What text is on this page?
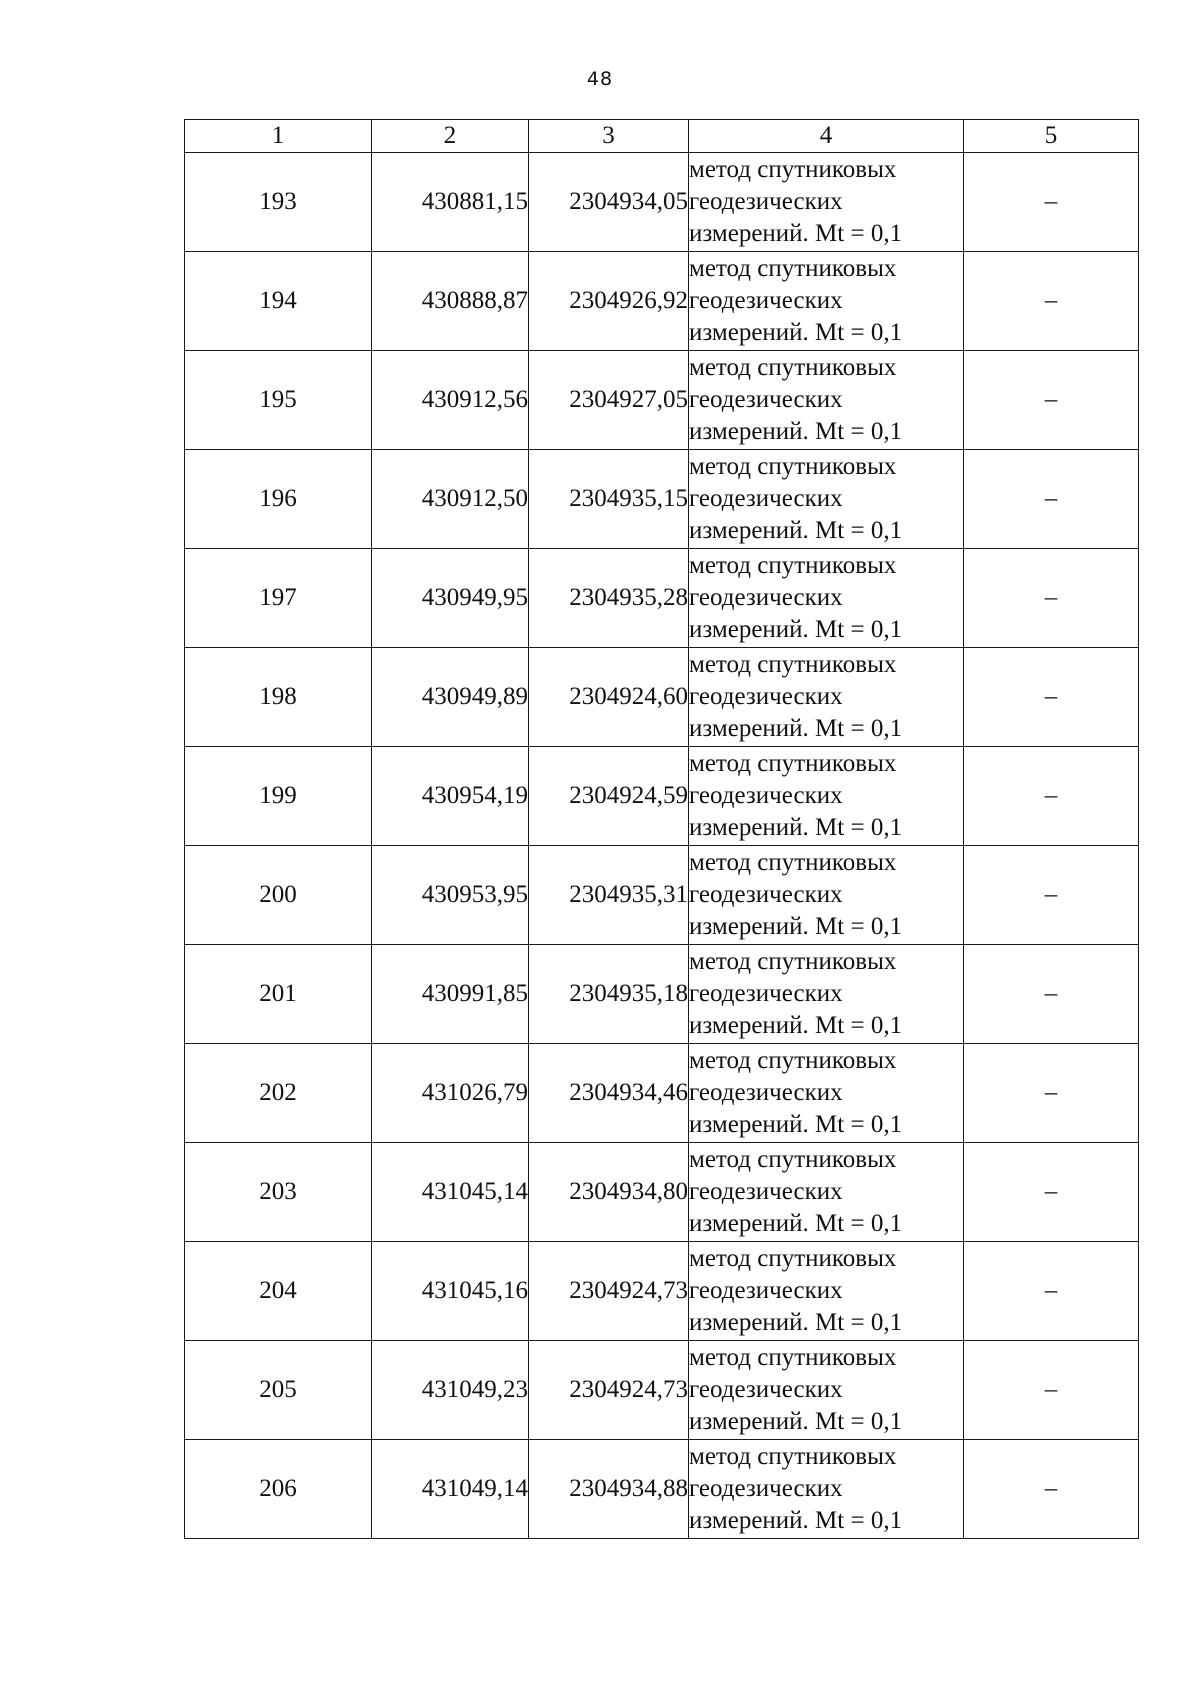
48
1	2	3	4	5
193	430881,15	2304934,05	метод спутниковых
геодезических
измерений. Mt = 0,1	–
194	430888,87	2304926,92	метод спутниковых
геодезических
измерений. Mt = 0,1	–
195	430912,56	2304927,05	метод спутниковых
геодезических
измерений. Mt = 0,1	–
196	430912,50	2304935,15	метод спутниковых
геодезических
измерений. Mt = 0,1	–
197	430949,95	2304935,28	метод спутниковых
геодезических
измерений. Mt = 0,1	–
198	430949,89	2304924,60	метод спутниковых
геодезических
измерений. Mt = 0,1	–
199	430954,19	2304924,59	метод спутниковых
геодезических
измерений. Mt = 0,1	–
200	430953,95	2304935,31	метод спутниковых
геодезических
измерений. Mt = 0,1	–
201	430991,85	2304935,18	метод спутниковых
геодезических
измерений. Mt = 0,1	–
202	431026,79	2304934,46	метод спутниковых
геодезических
измерений. Mt = 0,1	–
203	431045,14	2304934,80	метод спутниковых
геодезических
измерений. Mt = 0,1	–
204	431045,16	2304924,73	метод спутниковых
геодезических
измерений. Mt = 0,1	–
205	431049,23	2304924,73	метод спутниковых
геодезических
измерений. Mt = 0,1	–
206	431049,14	2304934,88	метод спутниковых
геодезических
измерений. Mt = 0,1	–
